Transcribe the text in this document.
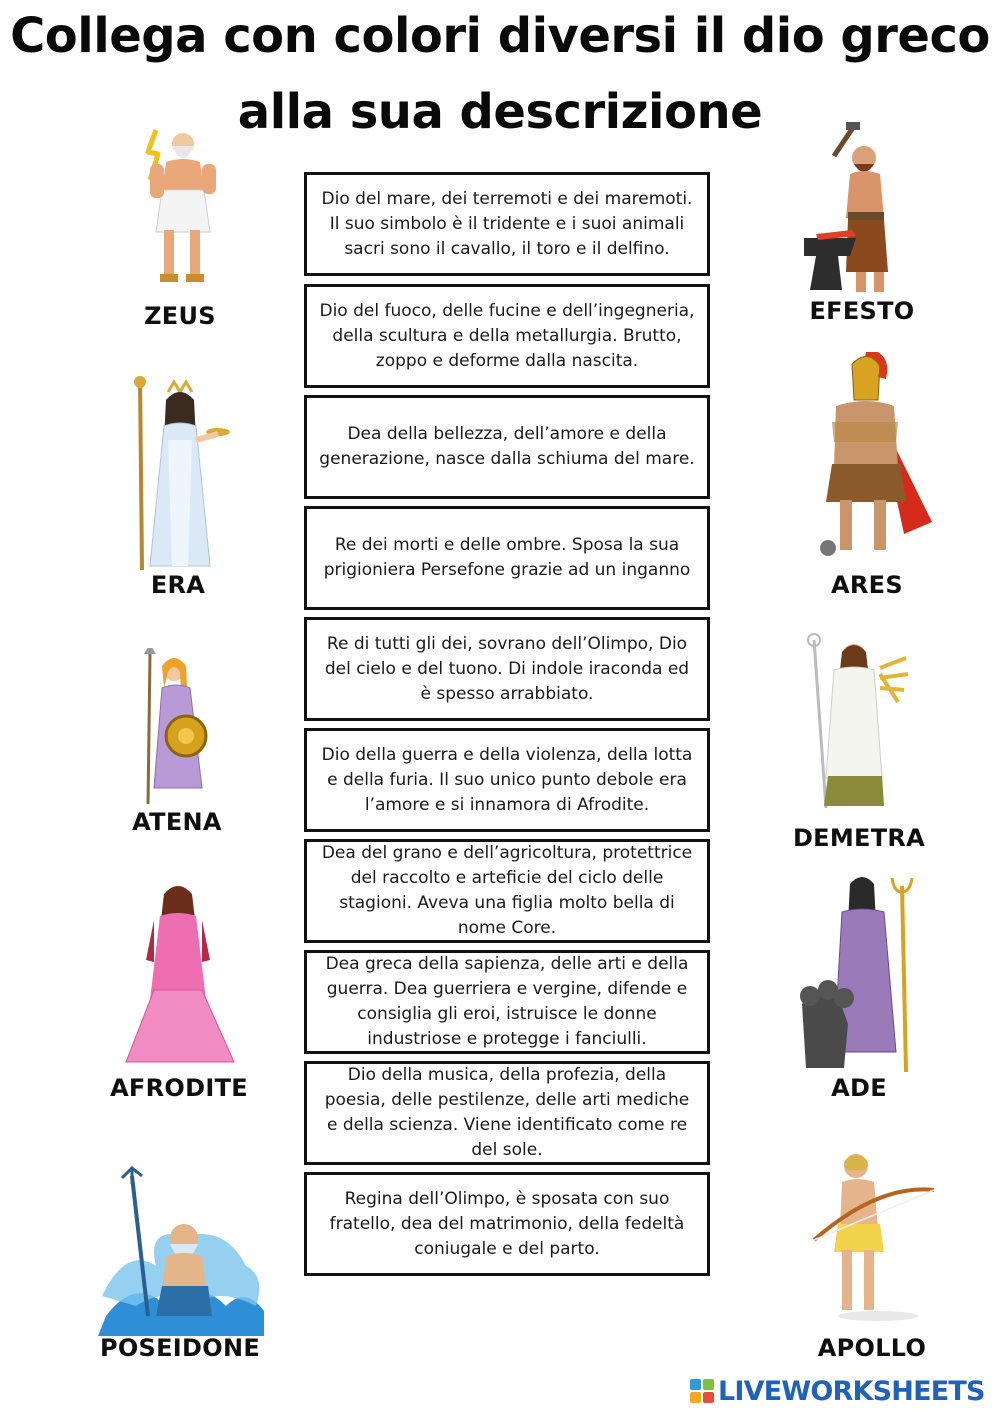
Collega con colori diversi il dio greco
alla sua descrizione
Dio del mare, dei terremoti e dei maremoti. Il suo simbolo è il tridente e i suoi animali sacri sono il cavallo, il toro e il delfino.
Dio del fuoco, delle fucine e dell’ingegneria, della scultura e della metallurgia. Brutto, zoppo e deforme dalla nascita.
Dea della bellezza, dell’amore e della generazione, nasce dalla schiuma del mare.
Re dei morti e delle ombre. Sposa la sua prigioniera Persefone grazie ad un inganno
Re di tutti gli dei, sovrano dell’Olimpo, Dio del cielo e del tuono. Di indole iraconda ed è spesso arrabbiato.
Dio della guerra e della violenza, della lotta e della furia. Il suo unico punto debole era l’amore e si innamora di Afrodite.
Dea del grano e dell’agricoltura, protettrice del raccolto e arteficie del ciclo delle stagioni. Aveva una figlia molto bella di nome Core.
Dea greca della sapienza, delle arti e della guerra. Dea guerriera e vergine, difende e consiglia gli eroi, istruisce le donne industriose e protegge i fanciulli.
Dio della musica, della profezia, della poesia, delle pestilenze, delle arti mediche e della scienza. Viene identificato come re del sole.
Regina dell’Olimpo, è sposata con suo fratello, dea del matrimonio, della fedeltà coniugale e del parto.
ZEUS
ERA
ATENA
AFRODITE
POSEIDONE
EFESTO
ARES
DEMETRA
ADE
APOLLO
LIVEWORKSHEETS
